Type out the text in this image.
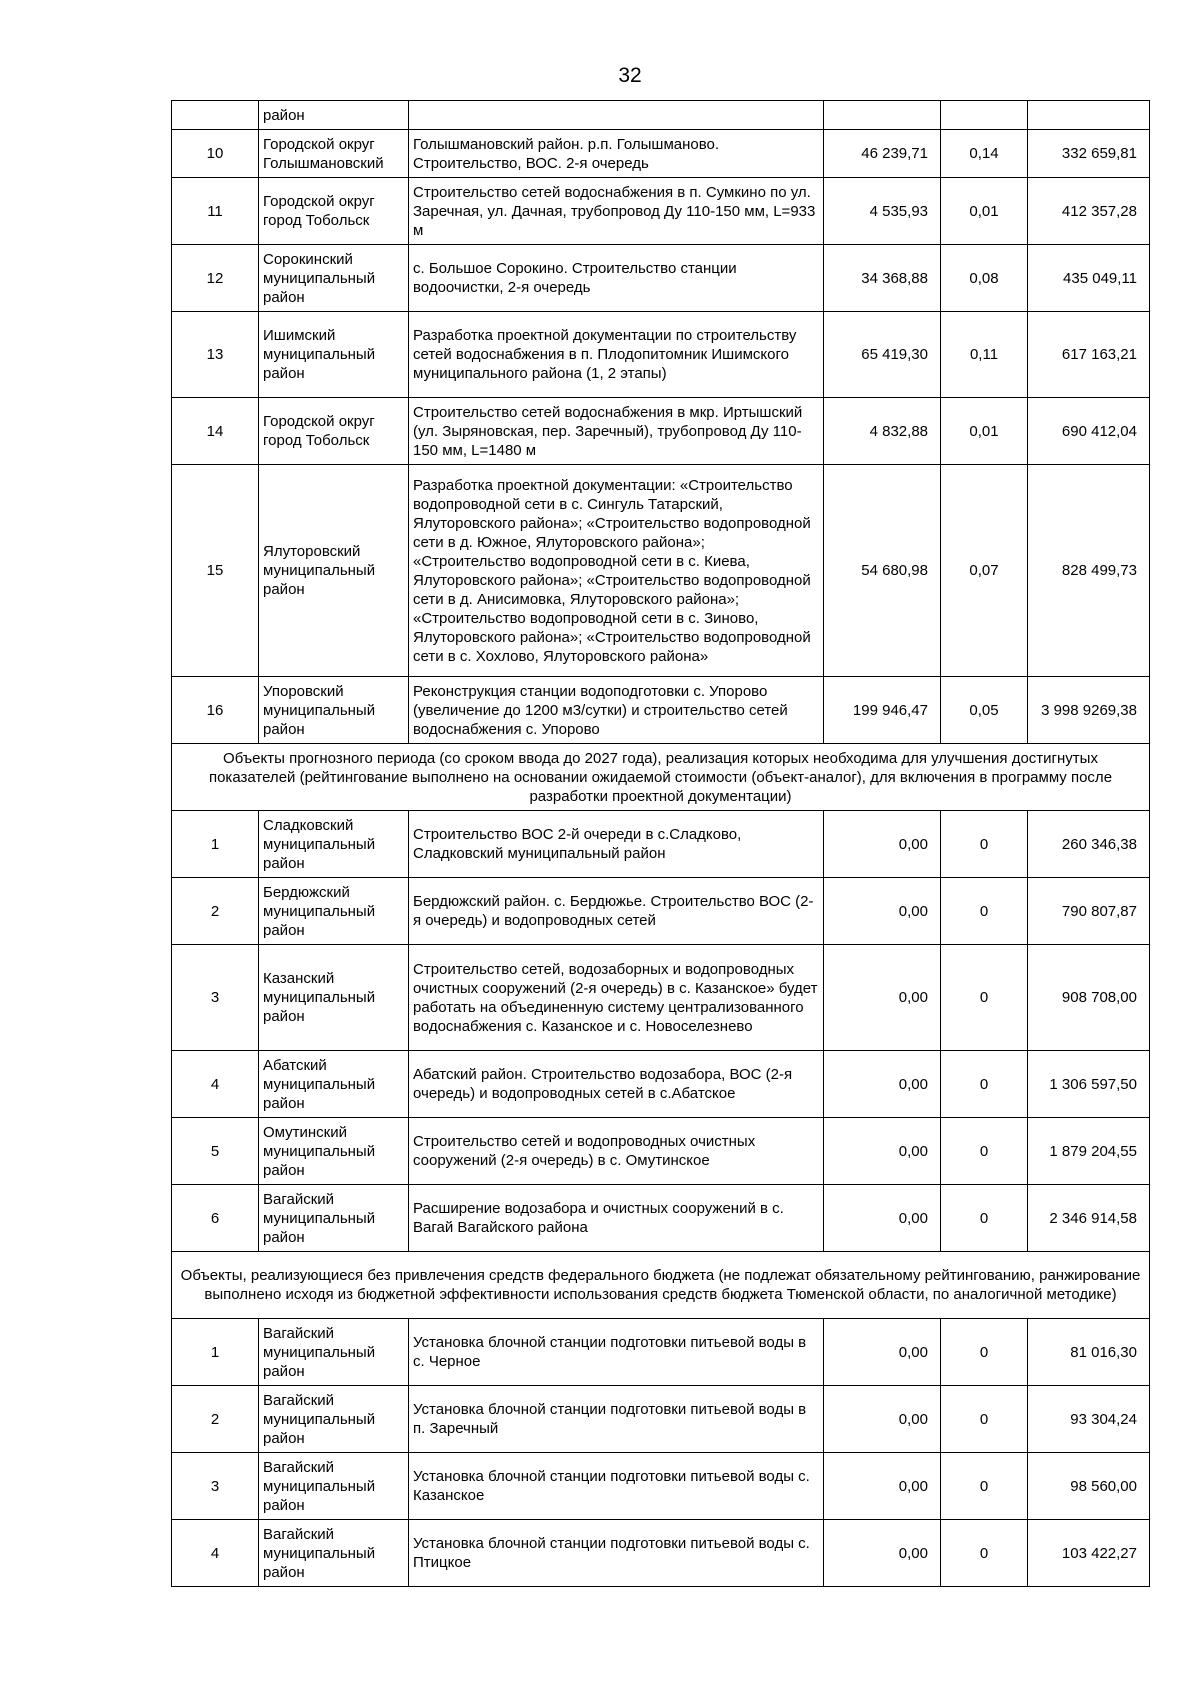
32
	район				
10	Городской округ Голышмановский	Голышмановский район. р.п. Голышманово. Строительство, ВОС. 2-я очередь	46 239,71	0,14	332 659,81
11	Городской округ город Тобольск	Строительство сетей водоснабжения в п. Сумкино по ул. Заречная, ул. Дачная, трубопровод Ду 110-150 мм, L=933 м	4 535,93	0,01	412 357,28
12	Сорокинский муниципальный район	с. Большое Сорокино. Строительство станции водоочистки, 2-я очередь	34 368,88	0,08	435 049,11
13	Ишимский муниципальный район	Разработка проектной документации по строительству сетей водоснабжения в п. Плодопитомник Ишимского муниципального района (1, 2 этапы)	65 419,30	0,11	617 163,21
14	Городской округ город Тобольск	Строительство сетей водоснабжения в мкр. Иртышский (ул. Зыряновская, пер. Заречный), трубопровод Ду 110-150 мм, L=1480 м	4 832,88	0,01	690 412,04
15	Ялуторовский муниципальный район	Разработка проектной документации: «Строительство водопроводной сети в с. Сингуль Татарский, Ялуторовского района»; «Строительство водопроводной сети в д. Южное, Ялуторовского района»; «Строительство водопроводной сети в с. Киева, Ялуторовского района»; «Строительство водопроводной сети в д. Анисимовка, Ялуторовского района»; «Строительство водопроводной сети в с. Зиново, Ялуторовского района»; «Строительство водопроводной сети в с. Хохлово, Ялуторовского района»	54 680,98	0,07	828 499,73
16	Упоровский муниципальный район	Реконструкция станции водоподготовки с. Упорово (увеличение до 1200 м3/сутки) и строительство сетей водоснабжения с. Упорово	199 946,47	0,05	3 998 9269,38
Объекты прогнозного периода (со сроком ввода до 2027 года), реализация которых необходима для улучшения достигнутых показателей (рейтингование выполнено на основании ожидаемой стоимости (объект-аналог), для включения в программу после разработки проектной документации)					
1	Сладковский муниципальный район	Строительство ВОС 2-й очереди в с.Сладково, Сладковский муниципальный район	0,00	0	260 346,38
2	Бердюжский муниципальный район	Бердюжский район. с. Бердюжье. Строительство ВОС (2-я очередь) и водопроводных сетей	0,00	0	790 807,87
3	Казанский муниципальный район	Строительство сетей, водозаборных и водопроводных очистных сооружений (2-я очередь) в с. Казанское» будет работать на объединенную систему централизованного водоснабжения с. Казанское и с. Новоселезнево	0,00	0	908 708,00
4	Абатский муниципальный район	Абатский район. Строительство водозабора, ВОС (2-я очередь) и водопроводных сетей в с.Абатское	0,00	0	1 306 597,50
5	Омутинский муниципальный район	Строительство сетей и водопроводных очистных сооружений (2-я очередь) в с. Омутинское	0,00	0	1 879 204,55
6	Вагайский муниципальный район	Расширение водозабора и очистных сооружений в с. Вагай Вагайского района	0,00	0	2 346 914,58
Объекты, реализующиеся без привлечения средств федерального бюджета (не подлежат обязательному рейтингованию, ранжирование выполнено исходя из бюджетной эффективности использования средств бюджета Тюменской области, по аналогичной методике)					
1	Вагайский муниципальный район	Установка блочной станции подготовки питьевой воды в с. Черное	0,00	0	81 016,30
2	Вагайский муниципальный район	Установка блочной станции подготовки питьевой воды в п. Заречный	0,00	0	93 304,24
3	Вагайский муниципальный район	Установка блочной станции подготовки питьевой воды с. Казанское	0,00	0	98 560,00
4	Вагайский муниципальный район	Установка блочной станции подготовки питьевой воды с. Птицкое	0,00	0	103 422,27
